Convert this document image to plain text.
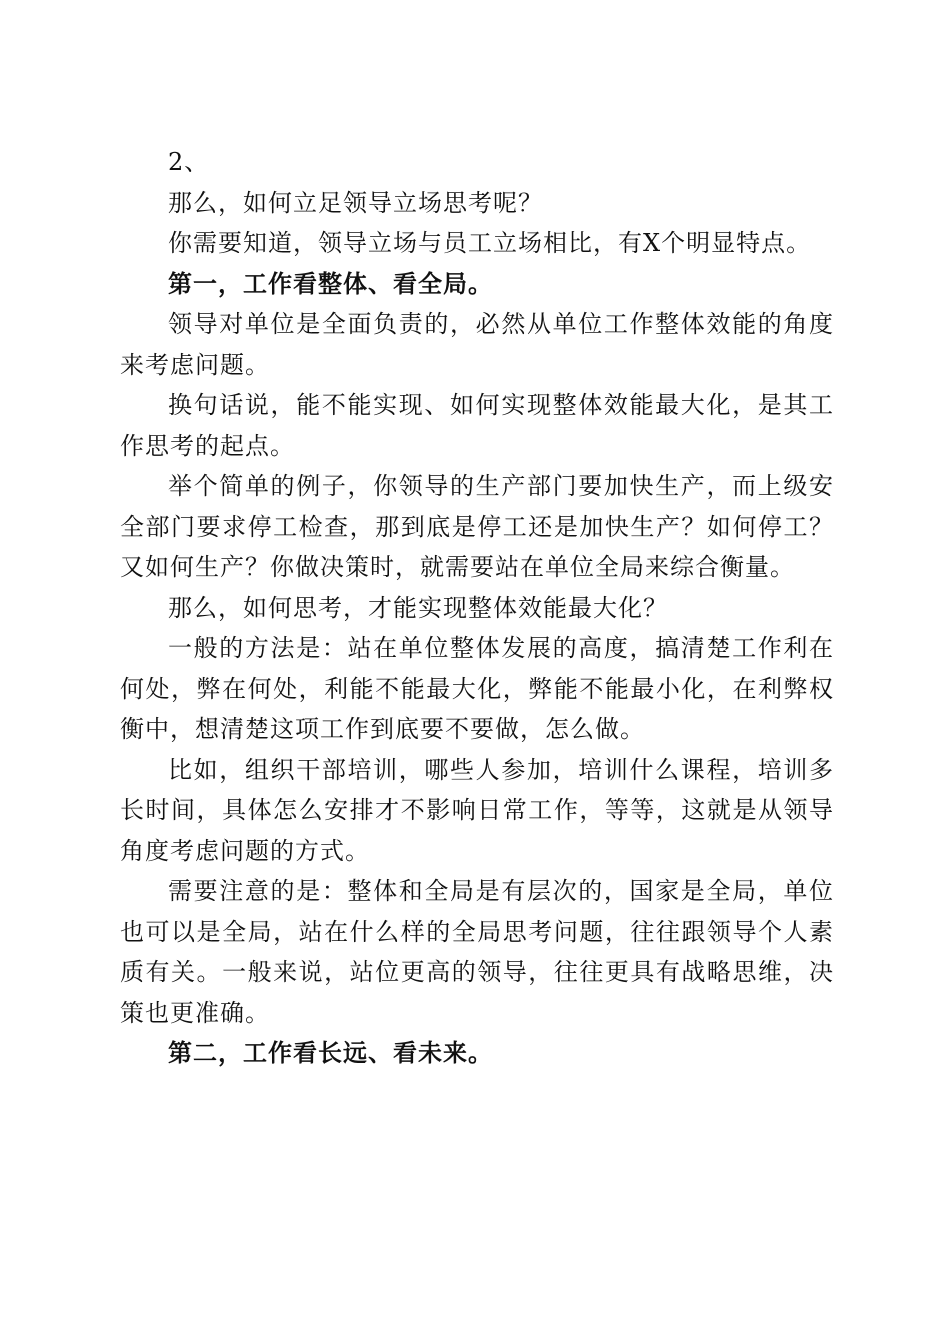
2、

那么，如何立足领导立场思考呢？

你需要知道，领导立场与员工立场相比，有X个明显特点。

第一，工作看整体、看全局。

领导对单位是全面负责的，必然从单位工作整体效能的角度来考虑问题。

换句话说，能不能实现、如何实现整体效能最大化，是其工作思考的起点。

举个简单的例子，你领导的生产部门要加快生产，而上级安全部门要求停工检查，那到底是停工还是加快生产？如何停工？又如何生产？你做决策时，就需要站在单位全局来综合衡量。

那么，如何思考，才能实现整体效能最大化？

一般的方法是：站在单位整体发展的高度，搞清楚工作利在何处，弊在何处，利能不能最大化，弊能不能最小化，在利弊权衡中，想清楚这项工作到底要不要做，怎么做。

比如，组织干部培训，哪些人参加，培训什么课程，培训多长时间，具体怎么安排才不影响日常工作，等等，这就是从领导角度考虑问题的方式。

需要注意的是：整体和全局是有层次的，国家是全局，单位也可以是全局，站在什么样的全局思考问题，往往跟领导个人素质有关。一般来说，站位更高的领导，往往更具有战略思维，决策也更准确。

第二，工作看长远、看未来。
